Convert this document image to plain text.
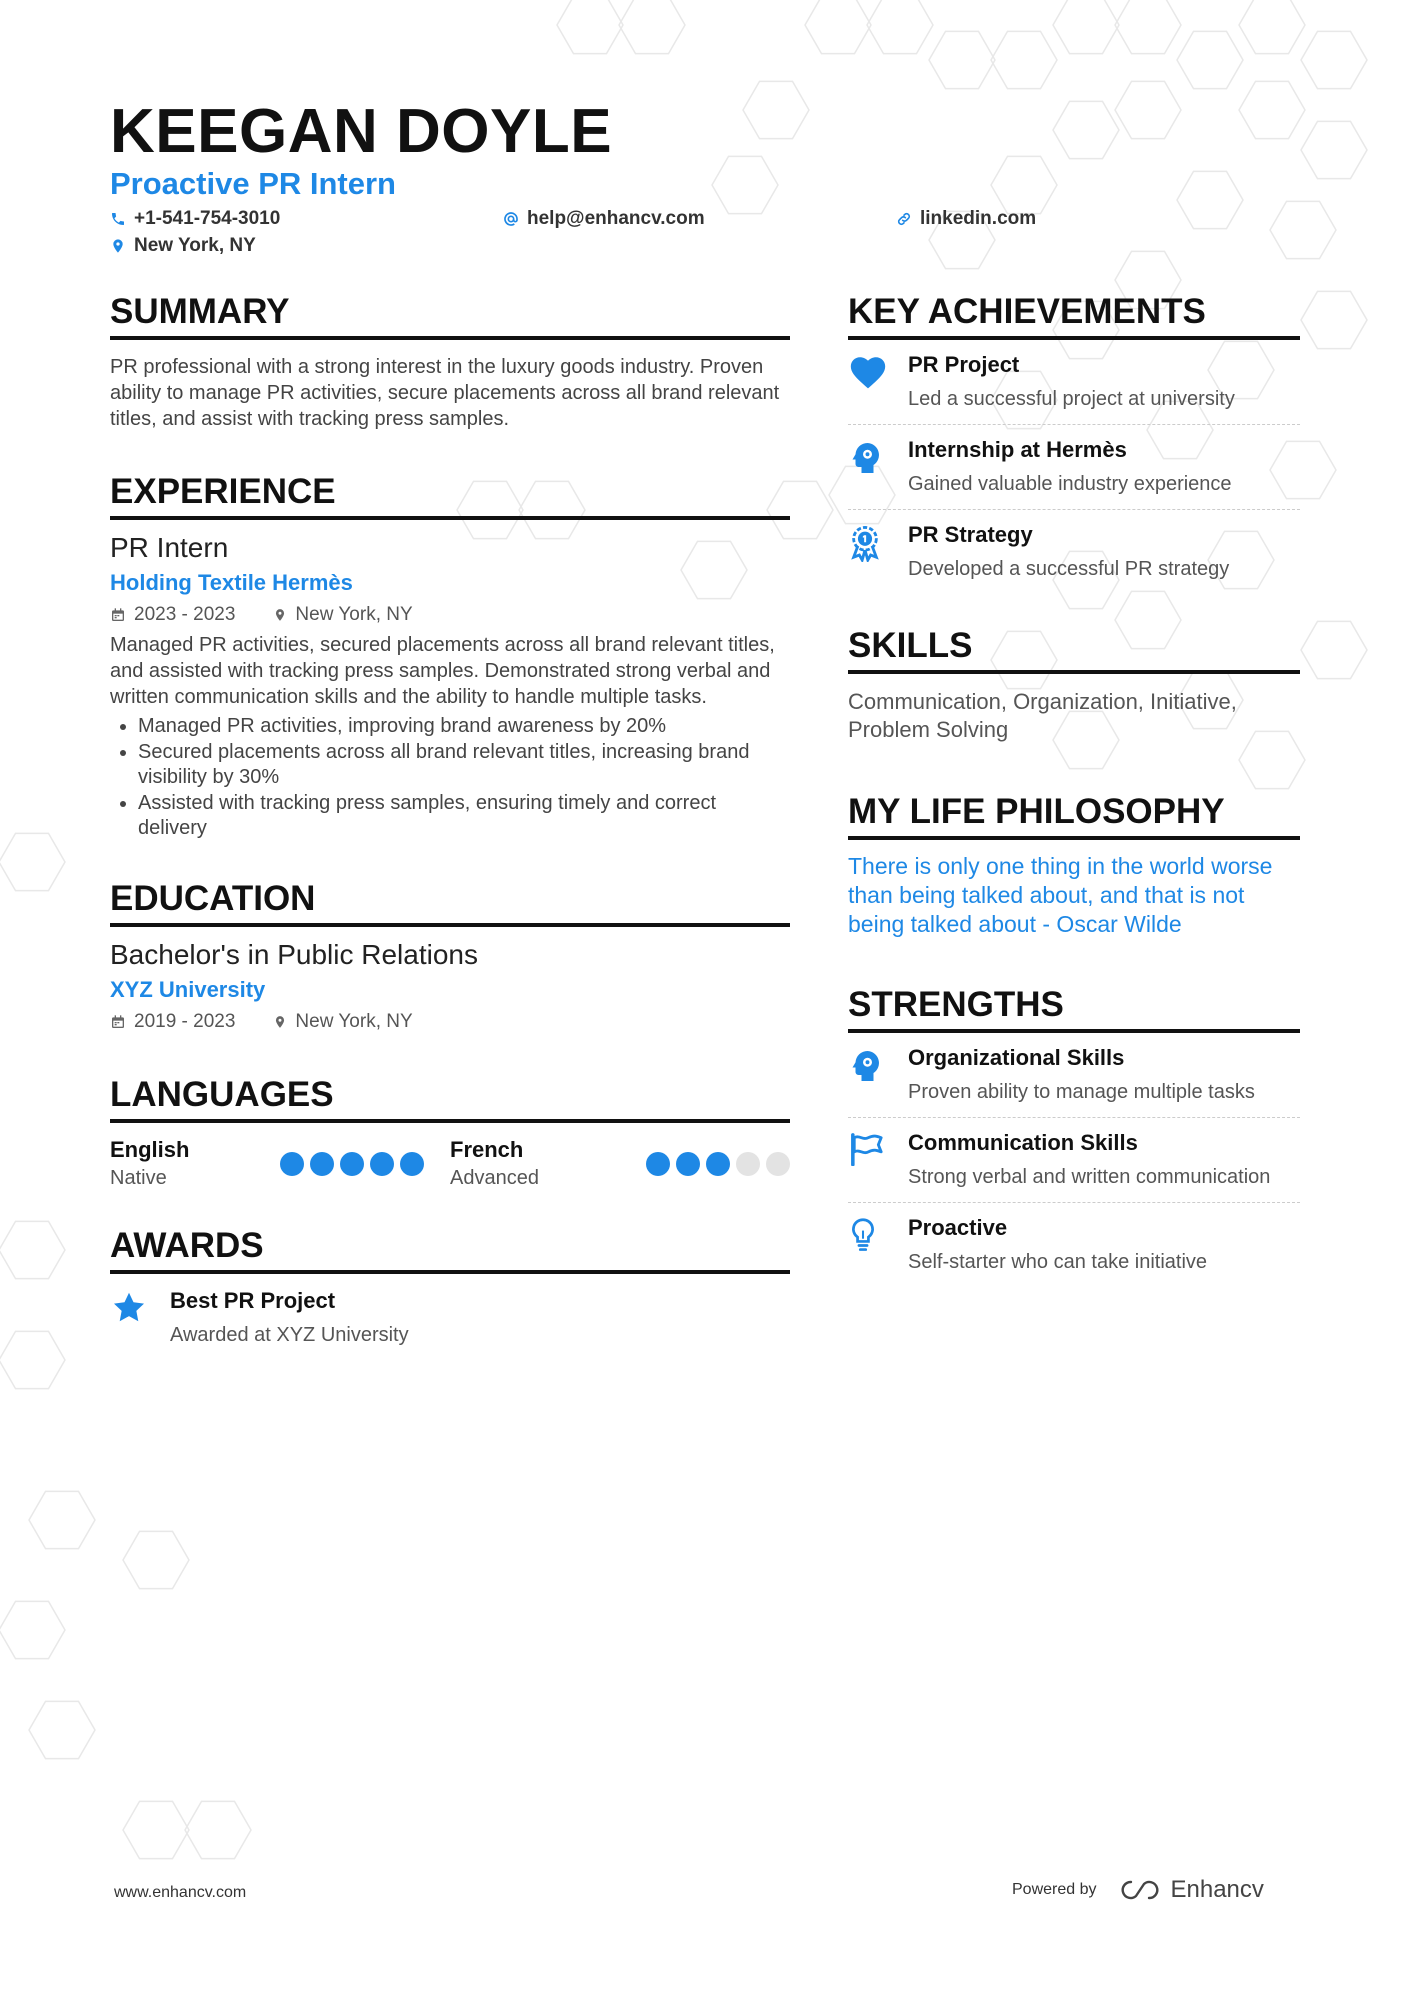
KEEGAN DOYLE
Proactive PR Intern
+1-541-754-3010	help@enhancv.com	linkedin.com
New York, NY
SUMMARY

PR professional with a strong interest in the luxury goods industry. Proven ability to manage PR activities, secure placements across all brand relevant titles, and assist with tracking press samples.

EXPERIENCE
PR Intern
Holding Textile Hermès
2023 - 2023	New York, NY

Managed PR activities, secured placements across all brand relevant titles, and assisted with tracking press samples. Demonstrated strong verbal and written communication skills and the ability to handle multiple tasks.

• Managed PR activities, improving brand awareness by 20%
• Secured placements across all brand relevant titles, increasing brand visibility by 30%
• Assisted with tracking press samples, ensuring timely and correct delivery
EDUCATION
Bachelor's in Public Relations
XYZ University
2019 - 2023	New York, NY
LANGUAGES
English
Native
French
Advanced
AWARDS
Best PR Project
Awarded at XYZ University
KEY ACHIEVEMENTS
PR Project
Led a successful project at university
Internship at Hermès
Gained valuable industry experience
PR Strategy
Developed a successful PR strategy
SKILLS
Communication, Organization, Initiative, Problem Solving
MY LIFE PHILOSOPHY
There is only one thing in the world worse than being talked about, and that is not being talked about - Oscar Wilde
STRENGTHS
Organizational Skills
Proven ability to manage multiple tasks
Communication Skills
Strong verbal and written communication
Proactive
Self-starter who can take initiative
www.enhancv.com	Powered by	Enhancv
